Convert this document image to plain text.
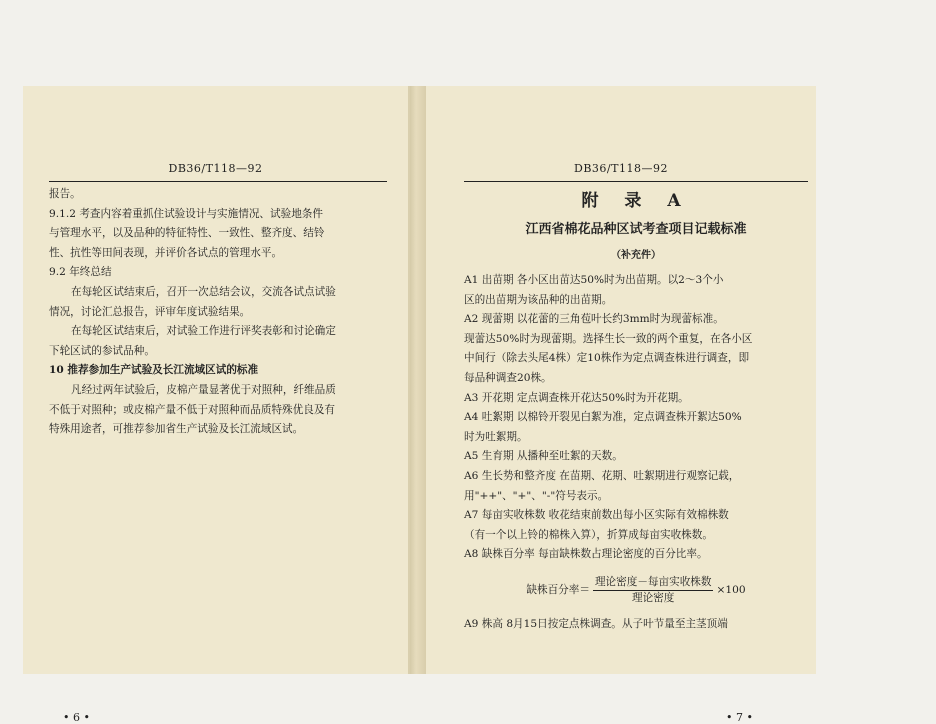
DB36/T118—92
报告。
9.1.2 考查内容着重抓住试验设计与实施情况、试验地条件
与管理水平，以及品种的特征特性、一致性、整齐度、结铃
性、抗性等田间表现，并评价各试点的管理水平。
9.2 年终总结
在每轮区试结束后，召开一次总结会议，交流各试点试验
情况，讨论汇总报告，评审年度试验结果。
在每轮区试结束后，对试验工作进行评奖表彰和讨论确定
下轮区试的参试品种。
10 推荐参加生产试验及长江流域区试的标准
凡经过两年试验后，皮棉产量显著优于对照种，纤维品质
不低于对照种；或皮棉产量不低于对照种而品质特殊优良及有
特殊用途者，可推荐参加省生产试验及长江流域区试。
• 6 •
DB36/T118—92
附 录 A
江西省棉花品种区试考查项目记载标准
（补充件）
A1 出苗期 各小区出苗达50%时为出苗期。以2～3个小
区的出苗期为该品种的出苗期。
A2 现蕾期 以花蕾的三角苞叶长约3mm时为现蕾标准。
现蕾达50%时为现蕾期。选择生长一致的两个重复，在各小区
中间行（除去头尾4株）定10株作为定点调查株进行调查，即
每品种调查20株。
A3 开花期 定点调查株开花达50%时为开花期。
A4 吐絮期 以棉铃开裂见白絮为准，定点调查株开絮达50%
时为吐絮期。
A5 生育期 从播种至吐絮的天数。
A6 生长势和整齐度 在苗期、花期、吐絮期进行观察记载，
用"++"、"+"、"-"符号表示。
A7 每亩实收株数 收花结束前数出每小区实际有效棉株数
（有一个以上铃的棉株入算），折算成每亩实收株数。
A8 缺株百分率 每亩缺株数占理论密度的百分比率。
缺株百分率＝ $\frac{\text{理论密度－每亩实收株数}}{\text{理论密度}} \times 100$
A9 株高 8月15日按定点株调查。从子叶节量至主茎顶端
• 7 •
